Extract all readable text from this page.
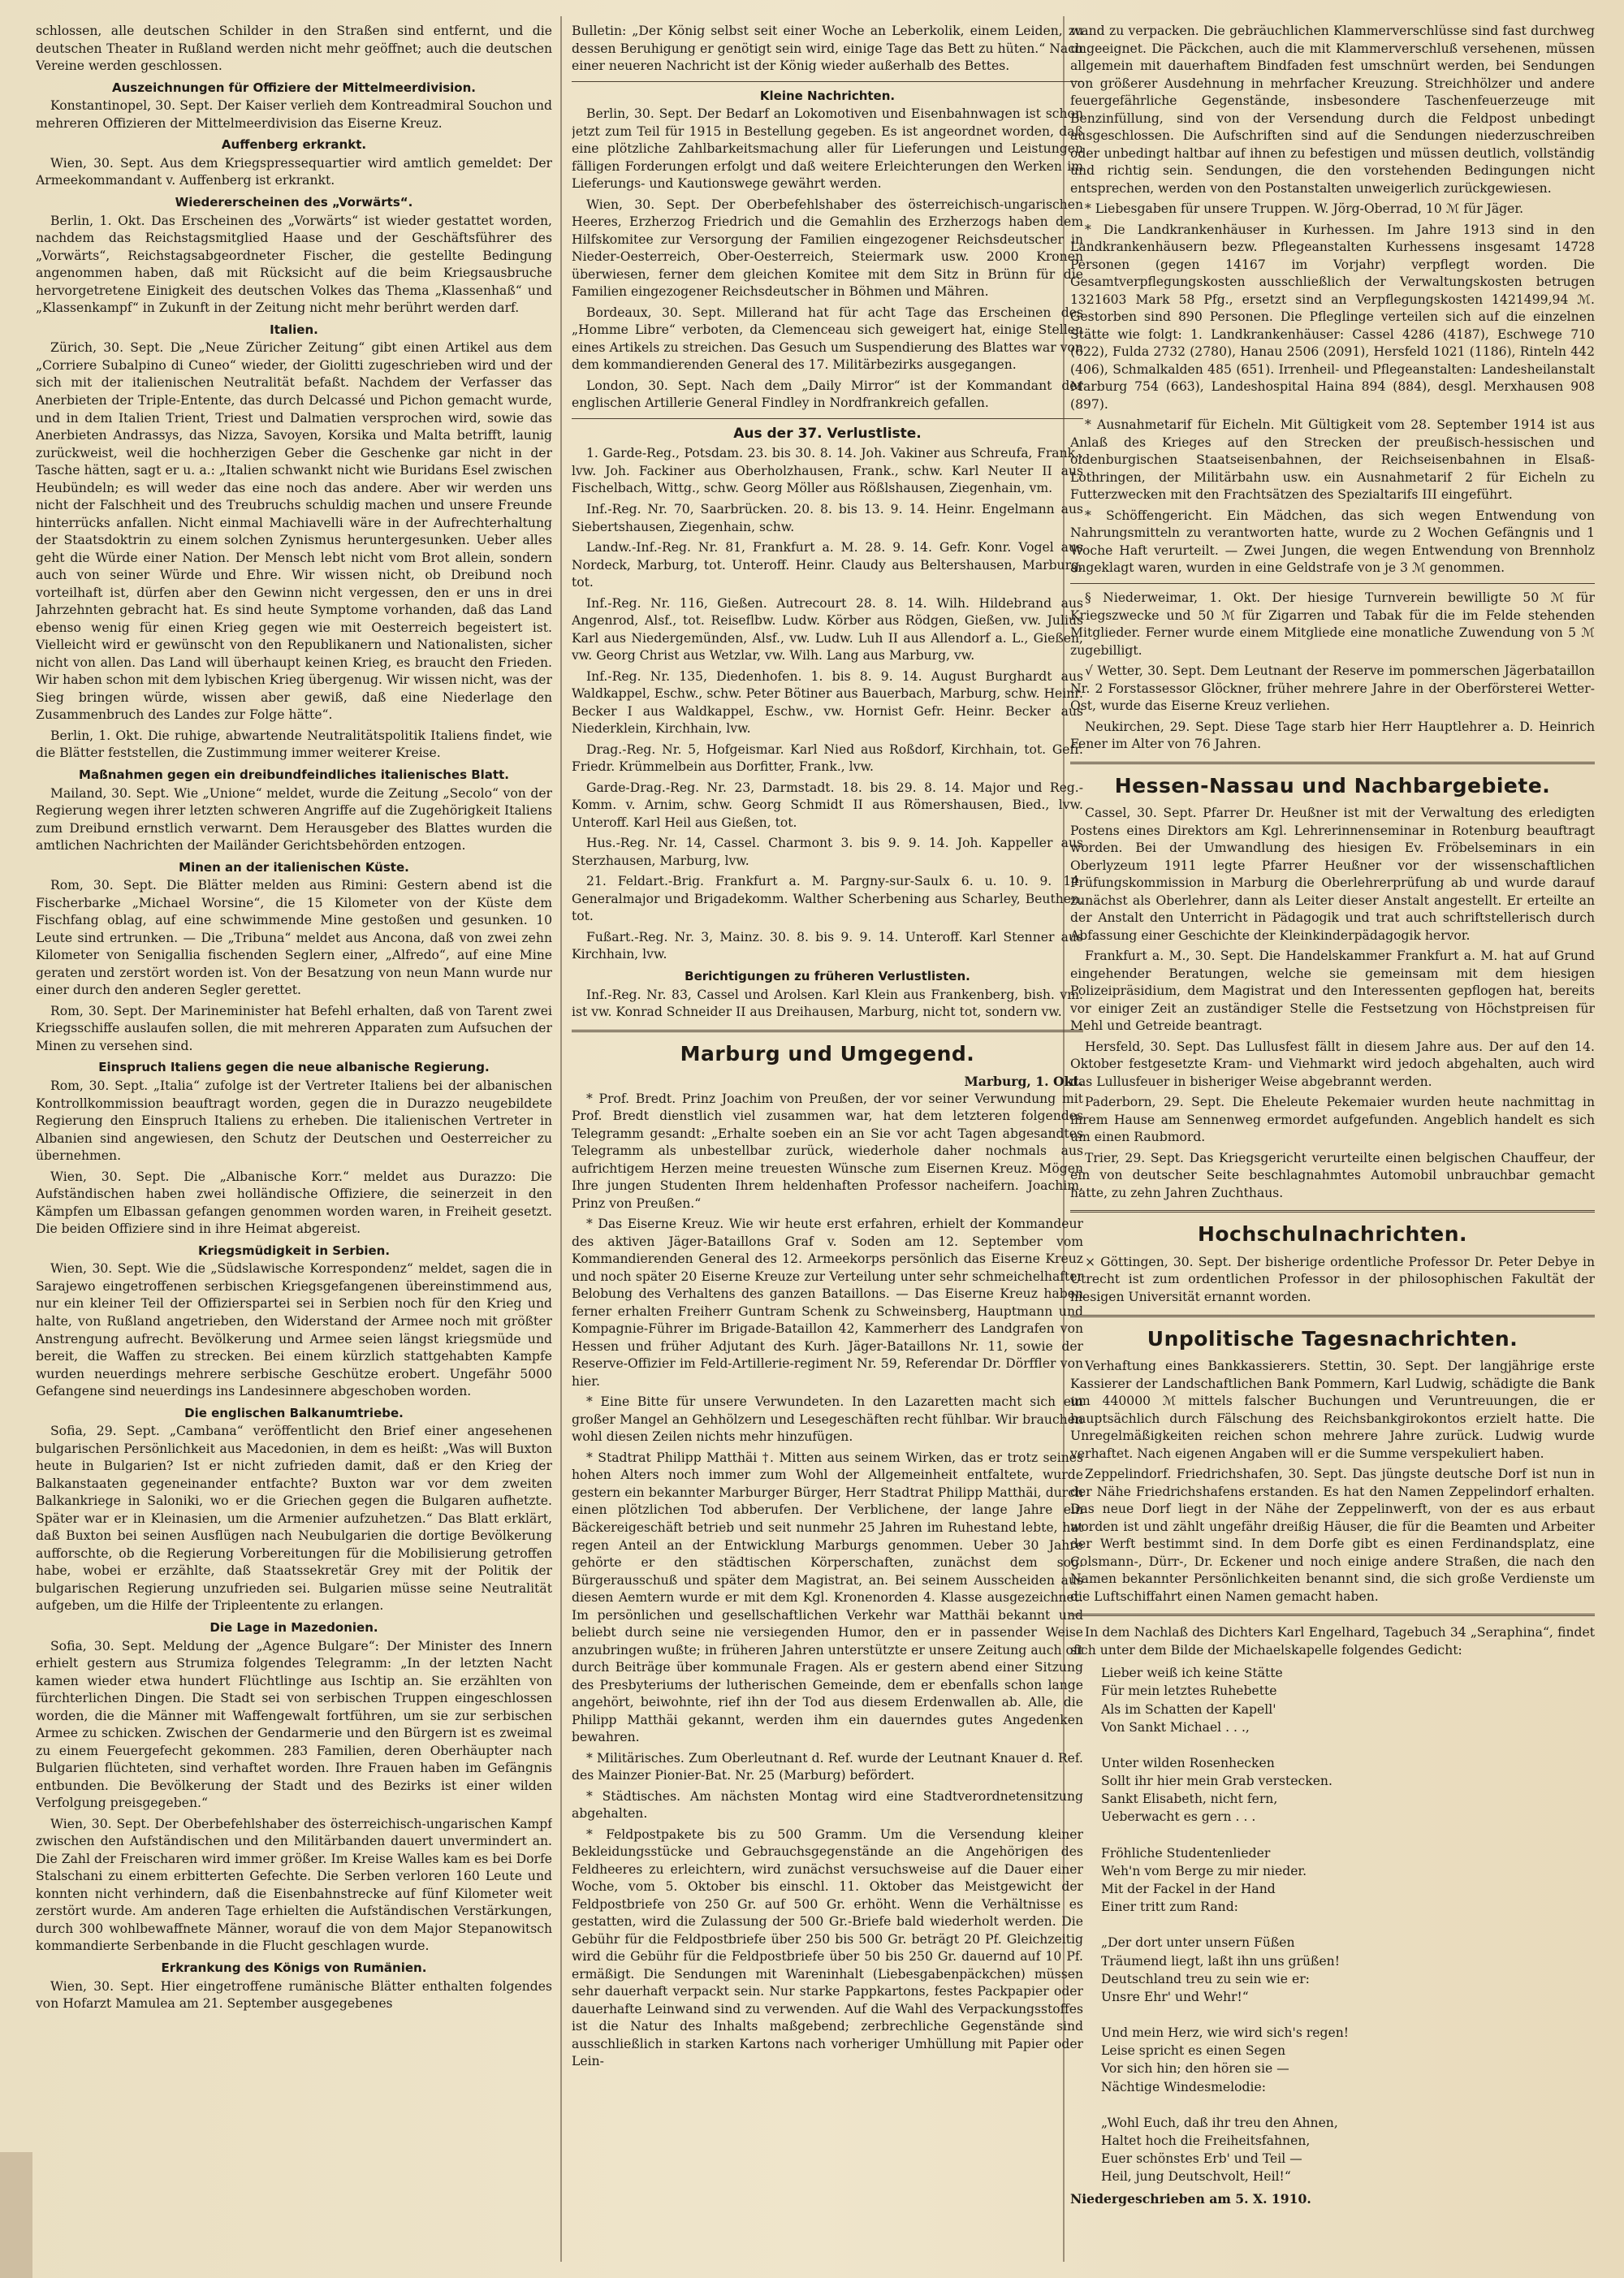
schlossen, alle deutschen Schilder in den Straßen sind entfernt, und die deutschen Theater in Rußland werden nicht mehr geöffnet; auch die deutschen Vereine werden geschlossen.

Auszeichnungen für Offiziere der Mittelmeerdivision.

Konstantinopel, 30. Sept. Der Kaiser verlieh dem Kontreadmiral Souchon und mehreren Offizieren der Mittelmeerdivision das Eiserne Kreuz.

Auffenberg erkrankt.

Wien, 30. Sept. Aus dem Kriegspressequartier wird amtlich gemeldet: Der Armeekommandant v. Auffenberg ist erkrankt.

Wiedererscheinen des „Vorwärts“.

Berlin, 1. Okt. Das Erscheinen des „Vorwärts“ ist wieder gestattet worden, nachdem das Reichstagsmitglied Haase und der Geschäftsführer des „Vorwärts“, Reichstagsabgeordneter Fischer, die gestellte Bedingung angenommen haben, daß mit Rücksicht auf die beim Kriegsausbruche hervorgetretene Einigkeit des deutschen Volkes das Thema „Klassenhaß“ und „Klassenkampf“ in Zukunft in der Zeitung nicht mehr berührt werden darf.

Italien.

Zürich, 30. Sept. Die „Neue Züricher Zeitung“ gibt einen Artikel aus dem „Corriere Subalpino di Cuneo“ wieder, der Giolitti zugeschrieben wird und der sich mit der italienischen Neutralität befaßt. Nachdem der Verfasser das Anerbieten der Triple-Entente, das durch Delcassé und Pichon gemacht wurde, und in dem Italien Trient, Triest und Dalmatien versprochen wird, sowie das Anerbieten Andrassys, das Nizza, Savoyen, Korsika und Malta betrifft, launig zurückweist, weil die hochherzigen Geber die Geschenke gar nicht in der Tasche hätten, sagt er u. a.: „Italien schwankt nicht wie Buridans Esel zwischen Heubündeln; es will weder das eine noch das andere. Aber wir werden uns nicht der Falschheit und des Treubruchs schuldig machen und unsere Freunde hinterrücks anfallen. Nicht einmal Machiavelli wäre in der Aufrechterhaltung der Staatsdoktrin zu einem solchen Zynismus heruntergesunken. Ueber alles geht die Würde einer Nation. Der Mensch lebt nicht vom Brot allein, sondern auch von seiner Würde und Ehre. Wir wissen nicht, ob Dreibund noch vorteilhaft ist, dürfen aber den Gewinn nicht vergessen, den er uns in drei Jahrzehnten gebracht hat. Es sind heute Symptome vorhanden, daß das Land ebenso wenig für einen Krieg gegen wie mit Oesterreich begeistert ist. Vielleicht wird er gewünscht von den Republikanern und Nationalisten, sicher nicht von allen. Das Land will überhaupt keinen Krieg, es braucht den Frieden. Wir haben schon mit dem lybischen Krieg übergenug. Wir wissen nicht, was der Sieg bringen würde, wissen aber gewiß, daß eine Niederlage den Zusammenbruch des Landes zur Folge hätte“.

Berlin, 1. Okt. Die ruhige, abwartende Neutralitätspolitik Italiens findet, wie die Blätter feststellen, die Zustimmung immer weiterer Kreise.

Maßnahmen gegen ein dreibundfeindliches italienisches Blatt.

Mailand, 30. Sept. Wie „Unione“ meldet, wurde die Zeitung „Secolo“ von der Regierung wegen ihrer letzten schweren Angriffe auf die Zugehörigkeit Italiens zum Dreibund ernstlich verwarnt. Dem Herausgeber des Blattes wurden die amtlichen Nachrichten der Mailänder Gerichtsbehörden entzogen.

Minen an der italienischen Küste.

Rom, 30. Sept. Die Blätter melden aus Rimini: Gestern abend ist die Fischerbarke „Michael Worsine“, die 15 Kilometer von der Küste dem Fischfang oblag, auf eine schwimmende Mine gestoßen und gesunken. 10 Leute sind ertrunken. — Die „Tribuna“ meldet aus Ancona, daß von zwei zehn Kilometer von Senigallia fischenden Seglern einer, „Alfredo“, auf eine Mine geraten und zerstört worden ist. Von der Besatzung von neun Mann wurde nur einer durch den anderen Segler gerettet.

Rom, 30. Sept. Der Marineminister hat Befehl erhalten, daß von Tarent zwei Kriegsschiffe auslaufen sollen, die mit mehreren Apparaten zum Aufsuchen der Minen zu versehen sind.

Einspruch Italiens gegen die neue albanische Regierung.

Rom, 30. Sept. „Italia“ zufolge ist der Vertreter Italiens bei der albanischen Kontrollkommission beauftragt worden, gegen die in Durazzo neugebildete Regierung den Einspruch Italiens zu erheben. Die italienischen Vertreter in Albanien sind angewiesen, den Schutz der Deutschen und Oesterreicher zu übernehmen.

Wien, 30. Sept. Die „Albanische Korr.“ meldet aus Durazzo: Die Aufständischen haben zwei holländische Offiziere, die seinerzeit in den Kämpfen um Elbassan gefangen genommen worden waren, in Freiheit gesetzt. Die beiden Offiziere sind in ihre Heimat abgereist.

Kriegsmüdigkeit in Serbien.

Wien, 30. Sept. Wie die „Südslawische Korrespondenz“ meldet, sagen die in Sarajewo eingetroffenen serbischen Kriegsgefangenen übereinstimmend aus, nur ein kleiner Teil der Offizierspartei sei in Serbien noch für den Krieg und halte, von Rußland angetrieben, den Widerstand der Armee noch mit größter Anstrengung aufrecht. Bevölkerung und Armee seien längst kriegsmüde und bereit, die Waffen zu strecken. Bei einem kürzlich stattgehabten Kampfe wurden neuerdings mehrere serbische Geschütze erobert. Ungefähr 5000 Gefangene sind neuerdings ins Landesinnere abgeschoben worden.

Die englischen Balkanumtriebe.

Sofia, 29. Sept. „Cambana“ veröffentlicht den Brief einer angesehenen bulgarischen Persönlichkeit aus Macedonien, in dem es heißt: „Was will Buxton heute in Bulgarien? Ist er nicht zufrieden damit, daß er den Krieg der Balkanstaaten gegeneinander entfachte? Buxton war vor dem zweiten Balkankriege in Saloniki, wo er die Griechen gegen die Bulgaren aufhetzte. Später war er in Kleinasien, um die Armenier aufzuhetzen.“ Das Blatt erklärt, daß Buxton bei seinen Ausflügen nach Neubulgarien die dortige Bevölkerung aufforschte, ob die Regierung Vorbereitungen für die Mobilisierung getroffen habe, wobei er erzählte, daß Staatssekretär Grey mit der Politik der bulgarischen Regierung unzufrieden sei. Bulgarien müsse seine Neutralität aufgeben, um die Hilfe der Tripleentente zu erlangen.

Die Lage in Mazedonien.

Sofia, 30. Sept. Meldung der „Agence Bulgare“: Der Minister des Innern erhielt gestern aus Strumiza folgendes Telegramm: „In der letzten Nacht kamen wieder etwa hundert Flüchtlinge aus Ischtip an. Sie erzählten von fürchterlichen Dingen. Die Stadt sei von serbischen Truppen eingeschlossen worden, die die Männer mit Waffengewalt fortführen, um sie zur serbischen Armee zu schicken. Zwischen der Gendarmerie und den Bürgern ist es zweimal zu einem Feuergefecht gekommen. 283 Familien, deren Oberhäupter nach Bulgarien flüchteten, sind verhaftet worden. Ihre Frauen haben im Gefängnis entbunden. Die Bevölkerung der Stadt und des Bezirks ist einer wilden Verfolgung preisgegeben.“

Wien, 30. Sept. Der Oberbefehlshaber des österreichisch-ungarischen Kampf zwischen den Aufständischen und den Militärbanden dauert unvermindert an. Die Zahl der Freischaren wird immer größer. Im Kreise Walles kam es bei Dorfe Stalschani zu einem erbitterten Gefechte. Die Serben verloren 160 Leute und konnten nicht verhindern, daß die Eisenbahnstrecke auf fünf Kilometer weit zerstört wurde. Am anderen Tage erhielten die Aufständischen Verstärkungen, durch 300 wohlbewaffnete Männer, worauf die von dem Major Stepanowitsch kommandierte Serbenbande in die Flucht geschlagen wurde.

Erkrankung des Königs von Rumänien.

Wien, 30. Sept. Hier eingetroffene rumänische Blätter enthalten folgendes von Hofarzt Mamulea am 21. September ausgegebenes

Bulletin: „Der König selbst seit einer Woche an Leberkolik, einem Leiden, zu dessen Beruhigung er genötigt sein wird, einige Tage das Bett zu hüten.“ Nach einer neueren Nachricht ist der König wieder außerhalb des Bettes.

Kleine Nachrichten.

Berlin, 30. Sept. Der Bedarf an Lokomotiven und Eisenbahnwagen ist schon jetzt zum Teil für 1915 in Bestellung gegeben. Es ist angeordnet worden, daß eine plötzliche Zahlbarkeitsmachung aller für Lieferungen und Leistungen fälligen Forderungen erfolgt und daß weitere Erleichterungen den Werken im Lieferungs- und Kautionswege gewährt werden.

Wien, 30. Sept. Der Oberbefehlshaber des österreichisch-ungarischen Heeres, Erzherzog Friedrich und die Gemahlin des Erzherzogs haben dem Hilfskomitee zur Versorgung der Familien eingezogener Reichsdeutscher in Nieder-Oesterreich, Ober-Oesterreich, Steiermark usw. 2000 Kronen überwiesen, ferner dem gleichen Komitee mit dem Sitz in Brünn für die Familien eingezogener Reichsdeutscher in Böhmen und Mähren.

Bordeaux, 30. Sept. Millerand hat für acht Tage das Erscheinen des „Homme Libre“ verboten, da Clemenceau sich geweigert hat, einige Stellen eines Artikels zu streichen. Das Gesuch um Suspendierung des Blattes war von dem kommandierenden General des 17. Militärbezirks ausgegangen.

London, 30. Sept. Nach dem „Daily Mirror“ ist der Kommandant der englischen Artillerie General Findley in Nordfrankreich gefallen.

Aus der 37. Verlustliste.

1. Garde-Reg., Potsdam. 23. bis 30. 8. 14. Joh. Vakiner aus Schreufa, Frank., lvw. Joh. Fackiner aus Oberholzhausen, Frank., schw. Karl Neuter II aus Fischelbach, Wittg., schw. Georg Möller aus Rößlshausen, Ziegenhain, vm.

Inf.-Reg. Nr. 70, Saarbrücken. 20. 8. bis 13. 9. 14. Heinr. Engelmann aus Siebertshausen, Ziegenhain, schw.

Landw.-Inf.-Reg. Nr. 81, Frankfurt a. M. 28. 9. 14. Gefr. Konr. Vogel aus Nordeck, Marburg, tot. Unteroff. Heinr. Claudy aus Beltershausen, Marburg, tot.

Inf.-Reg. Nr. 116, Gießen. Autrecourt 28. 8. 14. Wilh. Hildebrand aus Angenrod, Alsf., tot. Reiseflbw. Ludw. Körber aus Rödgen, Gießen, vw. Julius Karl aus Niedergemünden, Alsf., vw. Ludw. Luh II aus Allendorf a. L., Gießen, vw. Georg Christ aus Wetzlar, vw. Wilh. Lang aus Marburg, vw.

Inf.-Reg. Nr. 135, Diedenhofen. 1. bis 8. 9. 14. August Burghardt aus Waldkappel, Eschw., schw. Peter Bötiner aus Bauerbach, Marburg, schw. Heinr. Becker I aus Waldkappel, Eschw., vw. Hornist Gefr. Heinr. Becker aus Niederklein, Kirchhain, lvw.

Drag.-Reg. Nr. 5, Hofgeismar. Karl Nied aus Roßdorf, Kirchhain, tot. Gefr. Friedr. Krümmelbein aus Dorfitter, Frank., lvw.

Garde-Drag.-Reg. Nr. 23, Darmstadt. 18. bis 29. 8. 14. Major und Reg.-Komm. v. Arnim, schw. Georg Schmidt II aus Römershausen, Bied., lvw. Unteroff. Karl Heil aus Gießen, tot.

Hus.-Reg. Nr. 14, Cassel. Charmont 3. bis 9. 9. 14. Joh. Kappeller aus Sterzhausen, Marburg, lvw.

21. Feldart.-Brig. Frankfurt a. M. Pargny-sur-Saulx 6. u. 10. 9. 14. Generalmajor und Brigadekomm. Walther Scherbening aus Scharley, Beuthen, tot.

Fußart.-Reg. Nr. 3, Mainz. 30. 8. bis 9. 9. 14. Unteroff. Karl Stenner aus Kirchhain, lvw.

Berichtigungen zu früheren Verlustlisten.

Inf.-Reg. Nr. 83, Cassel und Arolsen. Karl Klein aus Frankenberg, bish. vm. ist vw. Konrad Schneider II aus Dreihausen, Marburg, nicht tot, sondern vw.

Marburg und Umgegend.
Marburg, 1. Okt.

* Prof. Bredt. Prinz Joachim von Preußen, der vor seiner Verwundung mit Prof. Bredt dienstlich viel zusammen war, hat dem letzteren folgendes Telegramm gesandt: „Erhalte soeben ein an Sie vor acht Tagen abgesandtes Telegramm als unbestellbar zurück, wiederhole daher nochmals aus aufrichtigem Herzen meine treuesten Wünsche zum Eisernen Kreuz. Mögen Ihre jungen Studenten Ihrem heldenhaften Professor nacheifern. Joachim, Prinz von Preußen.“

* Das Eiserne Kreuz. Wie wir heute erst erfahren, erhielt der Kommandeur des aktiven Jäger-Bataillons Graf v. Soden am 12. September vom Kommandierenden General des 12. Armeekorps persönlich das Eiserne Kreuz und noch später 20 Eiserne Kreuze zur Verteilung unter sehr schmeichelhafter Belobung des Verhaltens des ganzen Bataillons. — Das Eiserne Kreuz haben ferner erhalten Freiherr Guntram Schenk zu Schweinsberg, Hauptmann und Kompagnie-Führer im Brigade-Bataillon 42, Kammerherr des Landgrafen von Hessen und früher Adjutant des Kurh. Jäger-Bataillons Nr. 11, sowie der Reserve-Offizier im Feld-Artillerie-regiment Nr. 59, Referendar Dr. Dörffler von hier.

* Eine Bitte für unsere Verwundeten. In den Lazaretten macht sich ein großer Mangel an Gehhölzern und Lesegeschäften recht fühlbar. Wir brauchen wohl diesen Zeilen nichts mehr hinzufügen.

* Stadtrat Philipp Matthäi †. Mitten aus seinem Wirken, das er trotz seines hohen Alters noch immer zum Wohl der Allgemeinheit entfaltete, wurde gestern ein bekannter Marburger Bürger, Herr Stadtrat Philipp Matthäi, durch einen plötzlichen Tod abberufen. Der Verblichene, der lange Jahre ein Bäckereigeschäft betrieb und seit nunmehr 25 Jahren im Ruhestand lebte, hat regen Anteil an der Entwicklung Marburgs genommen. Ueber 30 Jahre gehörte er den städtischen Körperschaften, zunächst dem sog. Bürgerausschuß und später dem Magistrat, an. Bei seinem Ausscheiden aus diesen Aemtern wurde er mit dem Kgl. Kronenorden 4. Klasse ausgezeichnet. Im persönlichen und gesellschaftlichen Verkehr war Matthäi bekannt und beliebt durch seine nie versiegenden Humor, den er in passender Weise anzubringen wußte; in früheren Jahren unterstützte er unsere Zeitung auch oft durch Beiträge über kommunale Fragen. Als er gestern abend einer Sitzung des Presbyteriums der lutherischen Gemeinde, dem er ebenfalls schon lange angehört, beiwohnte, rief ihn der Tod aus diesem Erdenwallen ab. Alle, die Philipp Matthäi gekannt, werden ihm ein dauerndes gutes Angedenken bewahren.

* Militärisches. Zum Oberleutnant d. Ref. wurde der Leutnant Knauer d. Ref. des Mainzer Pionier-Bat. Nr. 25 (Marburg) befördert.

* Städtisches. Am nächsten Montag wird eine Stadtverordnetensitzung abgehalten.

* Feldpostpakete bis zu 500 Gramm. Um die Versendung kleiner Bekleidungsstücke und Gebrauchsgegenstände an die Angehörigen des Feldheeres zu erleichtern, wird zunächst versuchsweise auf die Dauer einer Woche, vom 5. Oktober bis einschl. 11. Oktober das Meistgewicht der Feldpostbriefe von 250 Gr. auf 500 Gr. erhöht. Wenn die Verhältnisse es gestatten, wird die Zulassung der 500 Gr.-Briefe bald wiederholt werden. Die Gebühr für die Feldpostbriefe über 250 bis 500 Gr. beträgt 20 Pf. Gleichzeitig wird die Gebühr für die Feldpostbriefe über 50 bis 250 Gr. dauernd auf 10 Pf. ermäßigt. Die Sendungen mit Wareninhalt (Liebesgabenpäckchen) müssen sehr dauerhaft verpackt sein. Nur starke Pappkartons, festes Packpapier oder dauerhafte Leinwand sind zu verwenden. Auf die Wahl des Verpackungsstoffes ist die Natur des Inhalts maßgebend; zerbrechliche Gegenstände sind ausschließlich in starken Kartons nach vorheriger Umhüllung mit Papier oder Lein-

wand zu verpacken. Die gebräuchlichen Klammerverschlüsse sind fast durchweg ungeeignet. Die Päckchen, auch die mit Klammerverschluß versehenen, müssen allgemein mit dauerhaftem Bindfaden fest umschnürt werden, bei Sendungen von größerer Ausdehnung in mehrfacher Kreuzung. Streichhölzer und andere feuergefährliche Gegenstände, insbesondere Taschenfeuerzeuge mit Benzinfüllung, sind von der Versendung durch die Feldpost unbedingt ausgeschlossen. Die Aufschriften sind auf die Sendungen niederzuschreiben oder unbedingt haltbar auf ihnen zu befestigen und müssen deutlich, vollständig und richtig sein. Sendungen, die den vorstehenden Bedingungen nicht entsprechen, werden von den Postanstalten unweigerlich zurückgewiesen.

* Liebesgaben für unsere Truppen. W. Jörg-Oberrad, 10 ℳ für Jäger.

* Die Landkrankenhäuser in Kurhessen. Im Jahre 1913 sind in den Landkrankenhäusern bezw. Pflegeanstalten Kurhessens insgesamt 14728 Personen (gegen 14167 im Vorjahr) verpflegt worden. Die Gesamtverpflegungskosten ausschließlich der Verwaltungskosten betrugen 1321603 Mark 58 Pfg., ersetzt sind an Verpflegungskosten 1421499,94 ℳ. Gestorben sind 890 Personen. Die Pfleglinge verteilen sich auf die einzelnen Stätte wie folgt: 1. Landkrankenhäuser: Cassel 4286 (4187), Eschwege 710 (622), Fulda 2732 (2780), Hanau 2506 (2091), Hersfeld 1021 (1186), Rinteln 442 (406), Schmalkalden 485 (651). Irrenheil- und Pflegeanstalten: Landesheilanstalt Marburg 754 (663), Landeshospital Haina 894 (884), desgl. Merxhausen 908 (897).

* Ausnahmetarif für Eicheln. Mit Gültigkeit vom 28. September 1914 ist aus Anlaß des Krieges auf den Strecken der preußisch-hessischen und oldenburgischen Staatseisenbahnen, der Reichseisenbahnen in Elsaß-Lothringen, der Militärbahn usw. ein Ausnahmetarif 2 für Eicheln zu Futterzwecken mit den Frachtsätzen des Spezialtarifs III eingeführt.

* Schöffengericht. Ein Mädchen, das sich wegen Entwendung von Nahrungsmitteln zu verantworten hatte, wurde zu 2 Wochen Gefängnis und 1 Woche Haft verurteilt. — Zwei Jungen, die wegen Entwendung von Brennholz angeklagt waren, wurden in eine Geldstrafe von je 3 ℳ genommen.

§ Niederweimar, 1. Okt. Der hiesige Turnverein bewilligte 50 ℳ für Kriegszwecke und 50 ℳ für Zigarren und Tabak für die im Felde stehenden Mitglieder. Ferner wurde einem Mitgliede eine monatliche Zuwendung von 5 ℳ zugebilligt.

√ Wetter, 30. Sept. Dem Leutnant der Reserve im pommerschen Jägerbataillon Nr. 2 Forstassessor Glöckner, früher mehrere Jahre in der Oberförsterei Wetter-Ost, wurde das Eiserne Kreuz verliehen.

Neukirchen, 29. Sept. Diese Tage starb hier Herr Hauptlehrer a. D. Heinrich Fener im Alter von 76 Jahren.

Hessen-Nassau und Nachbargebiete.

Cassel, 30. Sept. Pfarrer Dr. Heußner ist mit der Verwaltung des erledigten Postens eines Direktors am Kgl. Lehrerinnenseminar in Rotenburg beauftragt worden. Bei der Umwandlung des hiesigen Ev. Fröbelseminars in ein Oberlyzeum 1911 legte Pfarrer Heußner vor der wissenschaftlichen Prüfungskommission in Marburg die Oberlehrerprüfung ab und wurde darauf zunächst als Oberlehrer, dann als Leiter dieser Anstalt angestellt. Er erteilte an der Anstalt den Unterricht in Pädagogik und trat auch schriftstellerisch durch Abfassung einer Geschichte der Kleinkinderpädagogik hervor.

Frankfurt a. M., 30. Sept. Die Handelskammer Frankfurt a. M. hat auf Grund eingehender Beratungen, welche sie gemeinsam mit dem hiesigen Polizeipräsidium, dem Magistrat und den Interessenten gepflogen hat, bereits vor einiger Zeit an zuständiger Stelle die Festsetzung von Höchstpreisen für Mehl und Getreide beantragt.

Hersfeld, 30. Sept. Das Lullusfest fällt in diesem Jahre aus. Der auf den 14. Oktober festgesetzte Kram- und Viehmarkt wird jedoch abgehalten, auch wird das Lullusfeuer in bisheriger Weise abgebrannt werden.

Paderborn, 29. Sept. Die Eheleute Pekemaier wurden heute nachmittag in ihrem Hause am Sennenweg ermordet aufgefunden. Angeblich handelt es sich um einen Raubmord.

Trier, 29. Sept. Das Kriegsgericht verurteilte einen belgischen Chauffeur, der ein von deutscher Seite beschlagnahmtes Automobil unbrauchbar gemacht hatte, zu zehn Jahren Zuchthaus.

Hochschulnachrichten.

× Göttingen, 30. Sept. Der bisherige ordentliche Professor Dr. Peter Debye in Utrecht ist zum ordentlichen Professor in der philosophischen Fakultät der hiesigen Universität ernannt worden.

Unpolitische Tagesnachrichten.

Verhaftung eines Bankkassierers. Stettin, 30. Sept. Der langjährige erste Kassierer der Landschaftlichen Bank Pommern, Karl Ludwig, schädigte die Bank um 440000 ℳ mittels falscher Buchungen und Veruntreuungen, die er hauptsächlich durch Fälschung des Reichsbankgirokontos erzielt hatte. Die Unregelmäßigkeiten reichen schon mehrere Jahre zurück. Ludwig wurde verhaftet. Nach eigenen Angaben will er die Summe verspekuliert haben.

Zeppelindorf. Friedrichshafen, 30. Sept. Das jüngste deutsche Dorf ist nun in der Nähe Friedrichshafens erstanden. Es hat den Namen Zeppelindorf erhalten. Das neue Dorf liegt in der Nähe der Zeppelinwerft, von der es aus erbaut worden ist und zählt ungefähr dreißig Häuser, die für die Beamten und Arbeiter der Werft bestimmt sind. In dem Dorfe gibt es einen Ferdinandsplatz, eine Colsmann-, Dürr-, Dr. Eckener und noch einige andere Straßen, die nach den Namen bekannter Persönlichkeiten benannt sind, die sich große Verdienste um die Luftschiffahrt einen Namen gemacht haben.

In dem Nachlaß des Dichters Karl Engelhard, Tagebuch 34 „Seraphina“, findet sich unter dem Bilde der Michaelskapelle folgendes Gedicht:

Lieber weiß ich keine Stätte
Für mein letztes Ruhebette
Als im Schatten der Kapell'
Von Sankt Michael . . .,

Unter wilden Rosenhecken
Sollt ihr hier mein Grab verstecken.
Sankt Elisabeth, nicht fern,
Ueberwacht es gern . . .

Fröhliche Studentenlieder
Weh'n vom Berge zu mir nieder.
Mit der Fackel in der Hand
Einer tritt zum Rand:

„Der dort unter unsern Füßen
Träumend liegt, laßt ihn uns grüßen!
Deutschland treu zu sein wie er:
Unsre Ehr' und Wehr!“

Und mein Herz, wie wird sich's regen!
Leise spricht es einen Segen
Vor sich hin; den hören sie —
Nächtige Windesmelodie:

„Wohl Euch, daß ihr treu den Ahnen,
Haltet hoch die Freiheitsfahnen,
Euer schönstes Erb' und Teil —
Heil, jung Deutschvolt, Heil!“

Niedergeschrieben am 5. X. 1910.
